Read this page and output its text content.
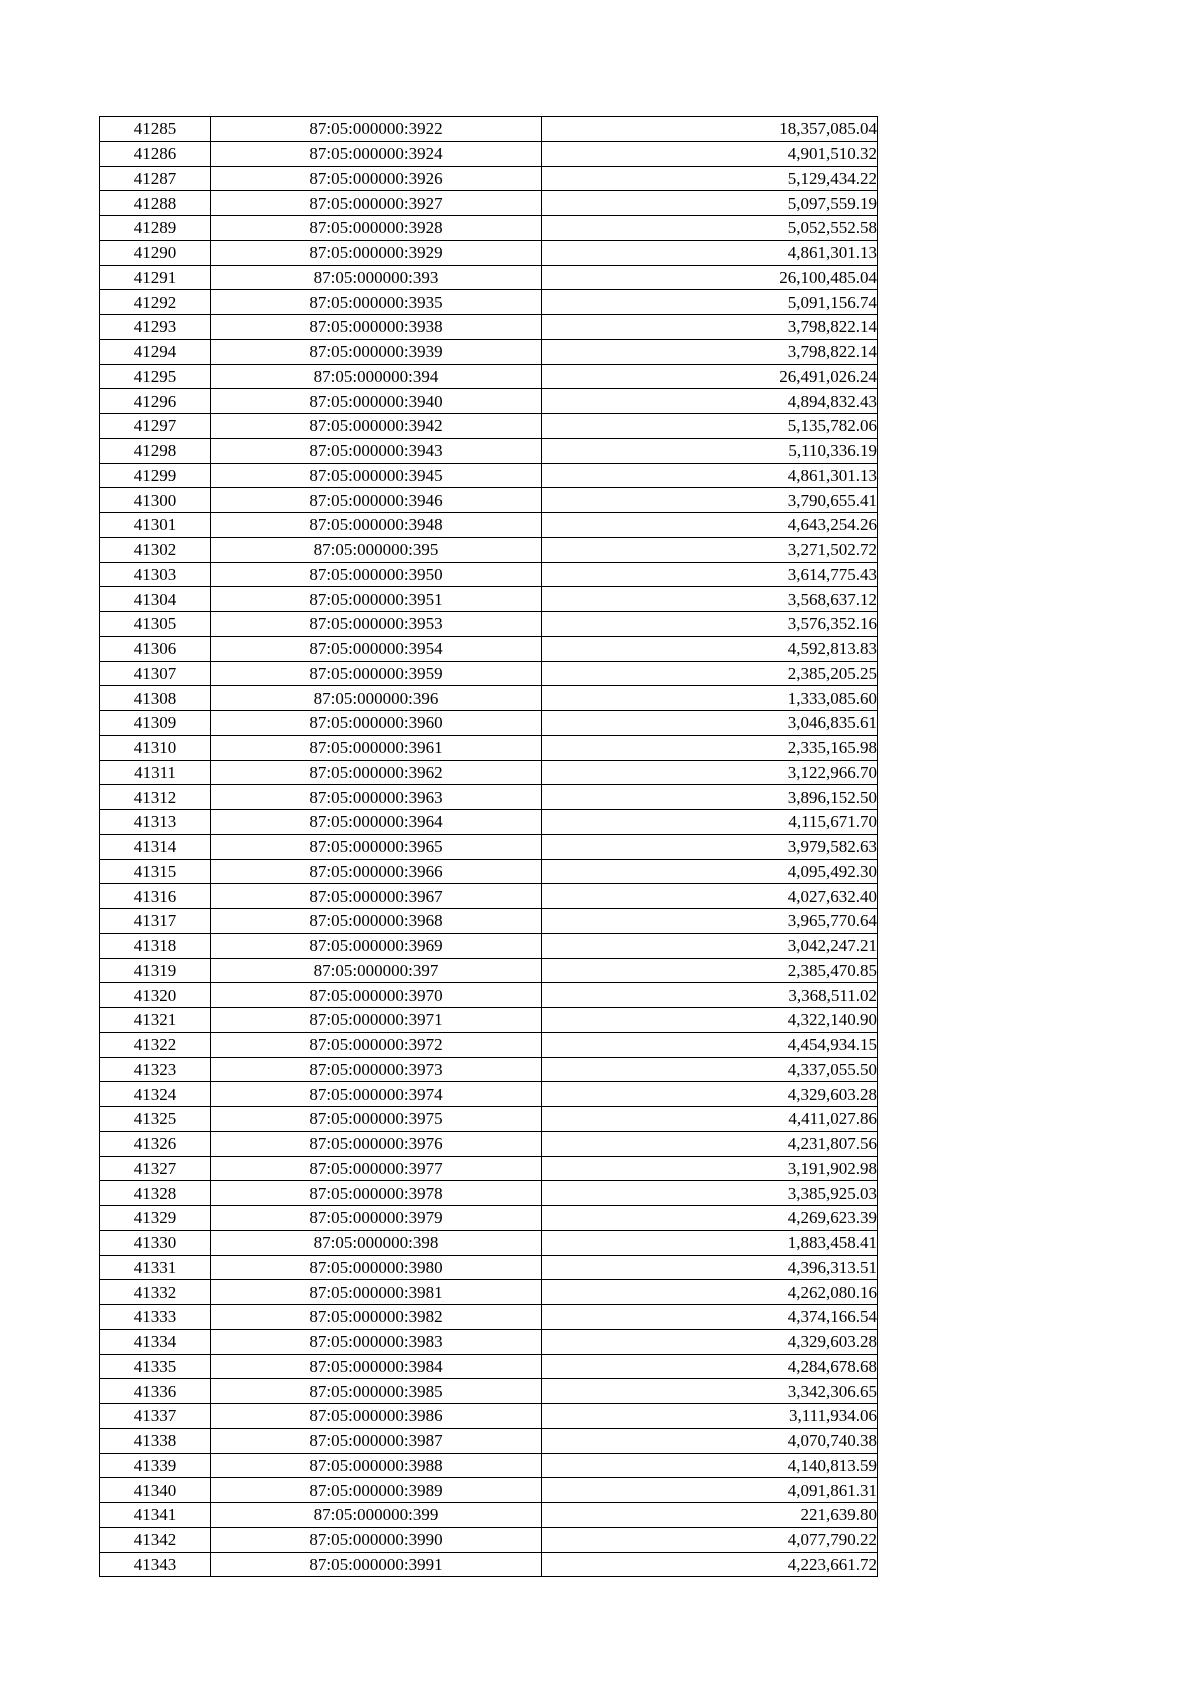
41285	87:05:000000:3922	18,357,085.04
41286	87:05:000000:3924	4,901,510.32
41287	87:05:000000:3926	5,129,434.22
41288	87:05:000000:3927	5,097,559.19
41289	87:05:000000:3928	5,052,552.58
41290	87:05:000000:3929	4,861,301.13
41291	87:05:000000:393	26,100,485.04
41292	87:05:000000:3935	5,091,156.74
41293	87:05:000000:3938	3,798,822.14
41294	87:05:000000:3939	3,798,822.14
41295	87:05:000000:394	26,491,026.24
41296	87:05:000000:3940	4,894,832.43
41297	87:05:000000:3942	5,135,782.06
41298	87:05:000000:3943	5,110,336.19
41299	87:05:000000:3945	4,861,301.13
41300	87:05:000000:3946	3,790,655.41
41301	87:05:000000:3948	4,643,254.26
41302	87:05:000000:395	3,271,502.72
41303	87:05:000000:3950	3,614,775.43
41304	87:05:000000:3951	3,568,637.12
41305	87:05:000000:3953	3,576,352.16
41306	87:05:000000:3954	4,592,813.83
41307	87:05:000000:3959	2,385,205.25
41308	87:05:000000:396	1,333,085.60
41309	87:05:000000:3960	3,046,835.61
41310	87:05:000000:3961	2,335,165.98
41311	87:05:000000:3962	3,122,966.70
41312	87:05:000000:3963	3,896,152.50
41313	87:05:000000:3964	4,115,671.70
41314	87:05:000000:3965	3,979,582.63
41315	87:05:000000:3966	4,095,492.30
41316	87:05:000000:3967	4,027,632.40
41317	87:05:000000:3968	3,965,770.64
41318	87:05:000000:3969	3,042,247.21
41319	87:05:000000:397	2,385,470.85
41320	87:05:000000:3970	3,368,511.02
41321	87:05:000000:3971	4,322,140.90
41322	87:05:000000:3972	4,454,934.15
41323	87:05:000000:3973	4,337,055.50
41324	87:05:000000:3974	4,329,603.28
41325	87:05:000000:3975	4,411,027.86
41326	87:05:000000:3976	4,231,807.56
41327	87:05:000000:3977	3,191,902.98
41328	87:05:000000:3978	3,385,925.03
41329	87:05:000000:3979	4,269,623.39
41330	87:05:000000:398	1,883,458.41
41331	87:05:000000:3980	4,396,313.51
41332	87:05:000000:3981	4,262,080.16
41333	87:05:000000:3982	4,374,166.54
41334	87:05:000000:3983	4,329,603.28
41335	87:05:000000:3984	4,284,678.68
41336	87:05:000000:3985	3,342,306.65
41337	87:05:000000:3986	3,111,934.06
41338	87:05:000000:3987	4,070,740.38
41339	87:05:000000:3988	4,140,813.59
41340	87:05:000000:3989	4,091,861.31
41341	87:05:000000:399	221,639.80
41342	87:05:000000:3990	4,077,790.22
41343	87:05:000000:3991	4,223,661.72
